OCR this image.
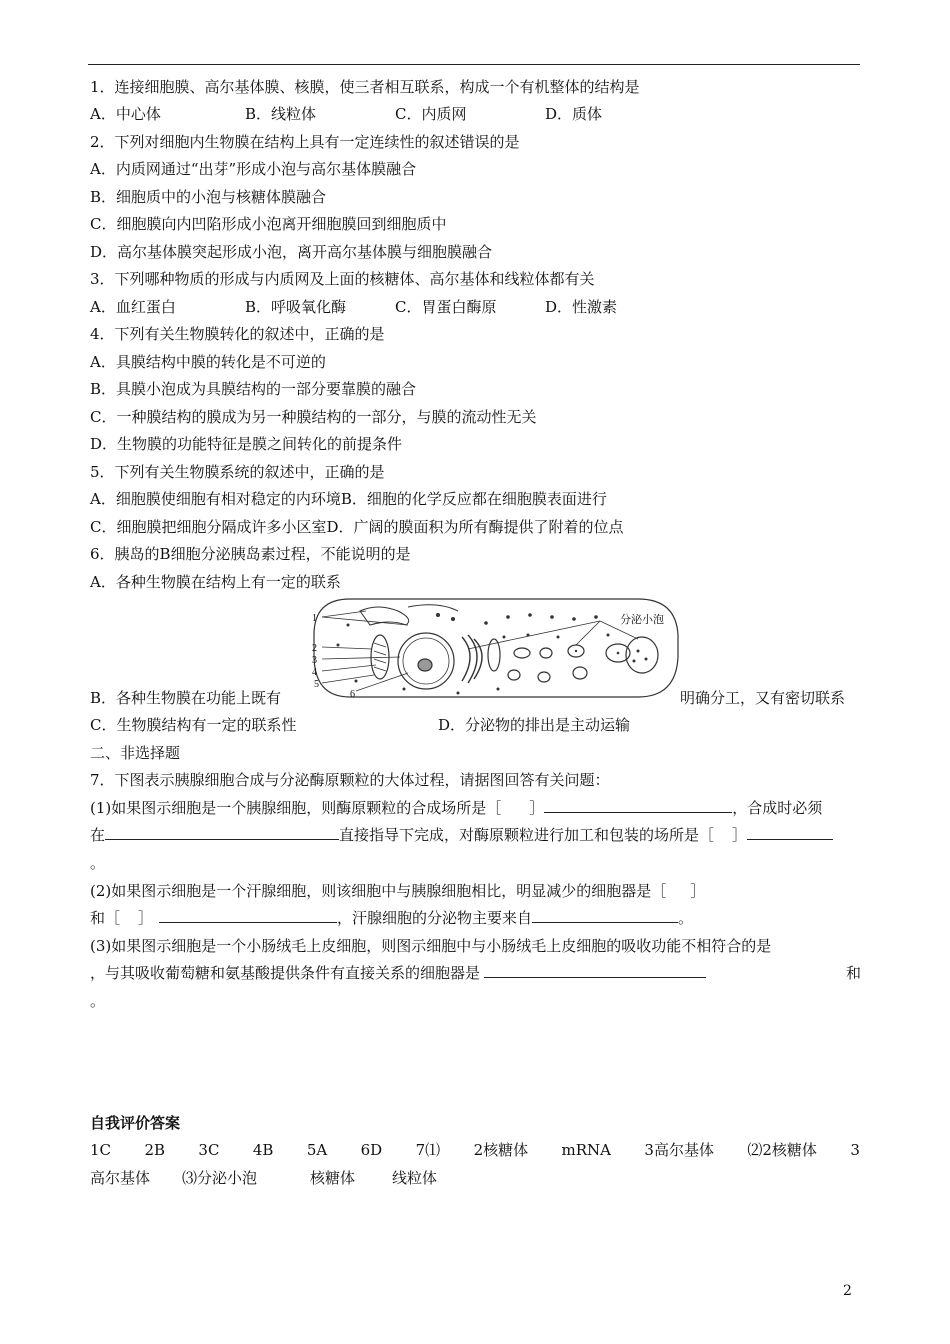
1．连接细胞膜、高尔基体膜、核膜，使三者相互联系，构成一个有机整体的结构是
A．中心体	B．线粒体	C．内质网	D．质体
2．下列对细胞内生物膜在结构上具有一定连续性的叙述错误的是
A．内质网通过“出芽”形成小泡与高尔基体膜融合
B．细胞质中的小泡与核糖体膜融合
C．细胞膜向内凹陷形成小泡离开细胞膜回到细胞质中
D．高尔基体膜突起形成小泡，离开高尔基体膜与细胞膜融合
3．下列哪种物质的形成与内质网及上面的核糖体、高尔基体和线粒体都有关
A．血红蛋白	B．呼吸氧化酶	C．胃蛋白酶原	D．性激素
4．下列有关生物膜转化的叙述中，正确的是
A．具膜结构中膜的转化是不可逆的
B．具膜小泡成为具膜结构的一部分要靠膜的融合
C．一种膜结构的膜成为另一种膜结构的一部分，与膜的流动性无关
D．生物膜的功能特征是膜之间转化的前提条件
5．下列有关生物膜系统的叙述中，正确的是
A．细胞膜使细胞有相对稳定的内环境B．细胞的化学反应都在细胞膜表面进行
C．细胞膜把细胞分隔成许多小区室D．广阔的膜面积为所有酶提供了附着的位点
6．胰岛的B细胞分泌胰岛素过程，不能说明的是
A．各种生物膜在结构上有一定的联系
1
2
3
4
5
6
分泌小泡
B．各种生物膜在功能上既有	明确分工，又有密切联系
C．生物膜结构有一定的联系性	D．分泌物的排出是主动运输
二、非选择题
7．下图表示胰腺细胞合成与分泌酶原颗粒的大体过程，请据图回答有关问题：
(1)如果图示细胞是一个胰腺细胞，则酶原颗粒的合成场所是［ ］	，合成时必须
在	直接指导下完成，对酶原颗粒进行加工和包装的场所是［ ］
。
(2)如果图示细胞是一个汗腺细胞，则该细胞中与胰腺细胞相比，明显减少的细胞器是［ ］
和［ ］	，汗腺细胞的分泌物主要来自	。
(3)如果图示细胞是一个小肠绒毛上皮细胞，则图示细胞中与小肠绒毛上皮细胞的吸收功能不相符合的是
，与其吸收葡萄糖和氨基酸提供条件有直接关系的细胞器是	和
。
自我评价答案
1C 2B 3C 4B 5A 6D 7⑴ 2核糖体 mRNA 3高尔基体 ⑵2核糖体 3
高尔基体 ⑶分泌小泡	核糖体 线粒体
2
